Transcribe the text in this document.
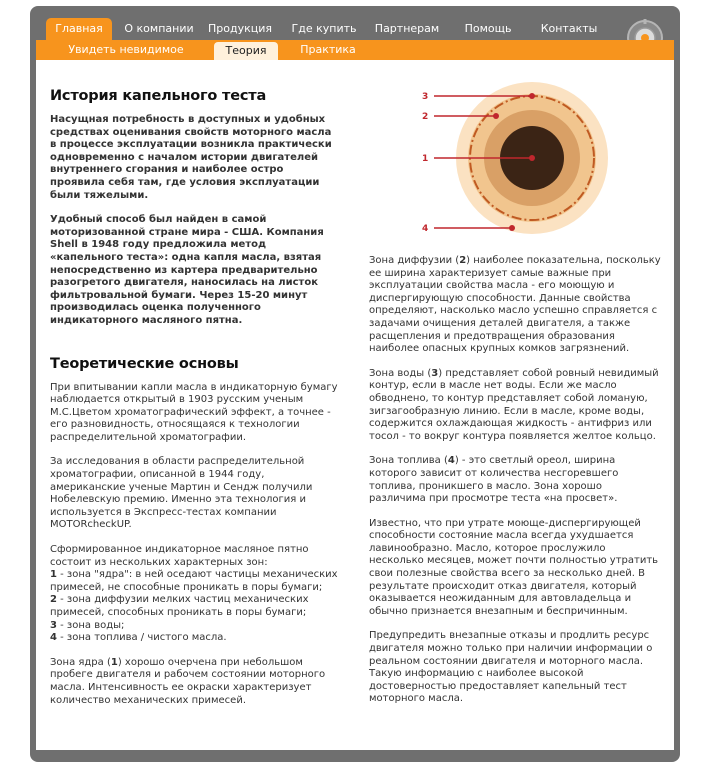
Главная	О компании Продукция	Где купить	Партнерам	Помощь	Контакты
Увидеть невидимое	Теория	Практика
3
2
1
4
История капельного теста

Насущная потребность в доступных и удобных средствах оценивания свойств моторного масла в процессе эксплуатации возникла практически одновременно с началом истории двигателей внутреннего сгорания и наиболее остро проявила себя там, где условия эксплуатации были тяжелыми.

Удобный способ был найден в самой моторизованной стране мира - США. Компания Shell в 1948 году предложила метод «капельного теста»: одна капля масла, взятая непосредственно из картера предварительно разогретого двигателя, наносилась на листок фильтровальной бумаги. Через 15-20 минут производилась оценка полученного индикаторного масляного пятна.

Теоретические основы

При впитывании капли масла в индикаторную бумагу наблюдается открытый в 1903 русским ученым М.С.Цветом хроматографический эффект, а точнее - его разновидность, относящаяся к технологии распределительной хроматографии.

За исследования в области распределительной хроматографии, описанной в 1944 году, американские ученые Мартин и Сендж получили Нобелевскую премию. Именно эта технология и используется в Экспресс-тестах компании MOTORcheckUP.

Сформированное индикаторное масляное пятно состоит из нескольких характерных зон:
1 - зона "ядра": в ней оседают частицы механических примесей, не способные проникать в поры бумаги;
2 - зона диффузии мелких частиц механических примесей, способных проникать в поры бумаги;
3 - зона воды;
4 - зона топлива / чистого масла.

Зона ядра (1) хорошо очерчена при небольшом пробеге двигателя и рабочем состоянии моторного масла. Интенсивность ее окраски характеризует количество механических примесей.

Зона диффузии (2) наиболее показательна, поскольку ее ширина характеризует самые важные при эксплуатации свойства масла - его моющую и диспергирующую способности. Данные свойства определяют, насколько масло успешно справляется с задачами очищения деталей двигателя, а также расщепления и предотвращения образования наиболее опасных крупных комков загрязнений.

Зона воды (3) представляет собой ровный невидимый контур, если в масле нет воды. Если же масло обводнено, то контур представляет собой ломаную, зигзагообразную линию. Если в масле, кроме воды, содержится охлаждающая жидкость - антифриз или тосол - то вокруг контура появляется желтое кольцо.

Зона топлива (4) - это светлый ореол, ширина которого зависит от количества несгоревшего топлива, проникшего в масло. Зона хорошо различима при просмотре теста «на просвет».

Известно, что при утрате моюще-диспергирующей способности состояние масла всегда ухудшается лавинообразно. Масло, которое прослужило несколько месяцев, может почти полностью утратить свои полезные свойства всего за несколько дней. В результате происходит отказ двигателя, который оказывается неожиданным для автовладельца и обычно признается внезапным и беспричинным.

Предупредить внезапные отказы и продлить ресурс двигателя можно только при наличии информации о реальном состоянии двигателя и моторного масла. Такую информацию с наиболее высокой достоверностью предоставляет капельный тест моторного масла.
